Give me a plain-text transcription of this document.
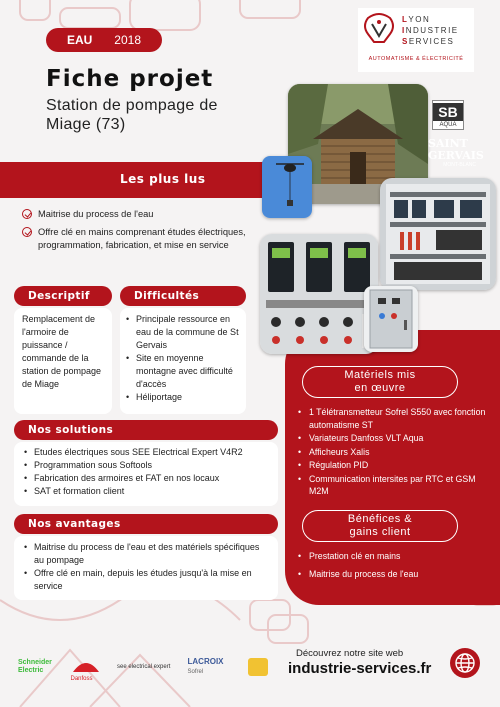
EAU 2018
Fiche projet
Station de pompage de Miage (73)
LYON
INDUSTRIE
SERVICES
AUTOMATISME & ÉLECTRICITÉ
SB
AQUA
SAINT
GERVAIS
MONT-BLANC
Les plus lus
Maitrise du process de l'eau
Offre clé en mains comprenant études électriques, programmation, fabrication, et mise en service
Descriptif
Remplacement de l'armoire de puissance / commande de la station de pompage de Miage
Difficultés
• Principale ressource en eau de la commune de St Gervais
• Site en moyenne montagne avec difficulté d'accès
• Héliportage
Nos solutions
• Etudes électriques sous SEE Electrical Expert V4R2
• Programmation sous Softools
• Fabrication des armoires et FAT en nos locaux
• SAT et formation client
Nos avantages
• Maitrise du process de l'eau et des matériels spécifiques au pompage
• Offre clé en main, depuis les études jusqu'à la mise en service
Matériels mis
en œuvre
• 1 Télétransmetteur Sofrel S550 avec fonction automatisme ST
• Variateurs Danfoss VLT Aqua
• Afficheurs Xalis
• Régulation PID
• Communication intersites par RTC et GSM M2M
Bénéfices &
gains client
• Prestation clé en mains
• Maitrise du process de l'eau
Schneider Electric
Danfoss
see electrical expert
LACROIX
Sofrel
Découvrez notre site web
industrie-services.fr
